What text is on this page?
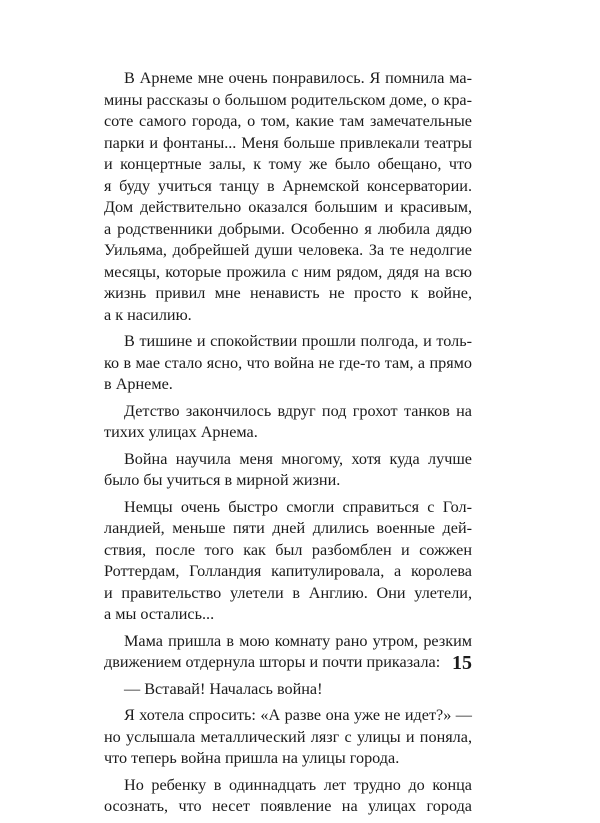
В Арнеме мне очень понравилось. Я помнила ма-
мины рассказы о большом родительском доме, о кра-
соте самого города, о том, какие там замечательные
парки и фонтаны... Меня больше привлекали театры
и концертные залы, к тому же было обещано, что
я буду учиться танцу в Арнемской консерватории.
Дом действительно оказался большим и красивым,
а родственники добрыми. Особенно я любила дядю
Уильяма, добрейшей души человека. За те недолгие
месяцы, которые прожила с ним рядом, дядя на всю
жизнь привил мне ненависть не просто к войне,
а к насилию.
В тишине и спокойствии прошли полгода, и толь-
ко в мае стало ясно, что война не где-то там, а прямо
в Арнеме.
Детство закончилось вдруг под грохот танков на
тихих улицах Арнема.
Война научила меня многому, хотя куда лучше
было бы учиться в мирной жизни.
Немцы очень быстро смогли справиться с Гол-
ландией, меньше пяти дней длились военные дей-
ствия, после того как был разбомблен и сожжен
Роттердам, Голландия капитулировала, а королева
и правительство улетели в Англию. Они улетели,
а мы остались...
Мама пришла в мою комнату рано утром, резким
движением отдернула шторы и почти приказала:
— Вставай! Началась война!
Я хотела спросить: «А разве она уже не идет?» —
но услышала металлический лязг с улицы и поняла,
что теперь война пришла на улицы города.
Но ребенку в одиннадцать лет трудно до конца
осознать, что несет появление на улицах города
15
